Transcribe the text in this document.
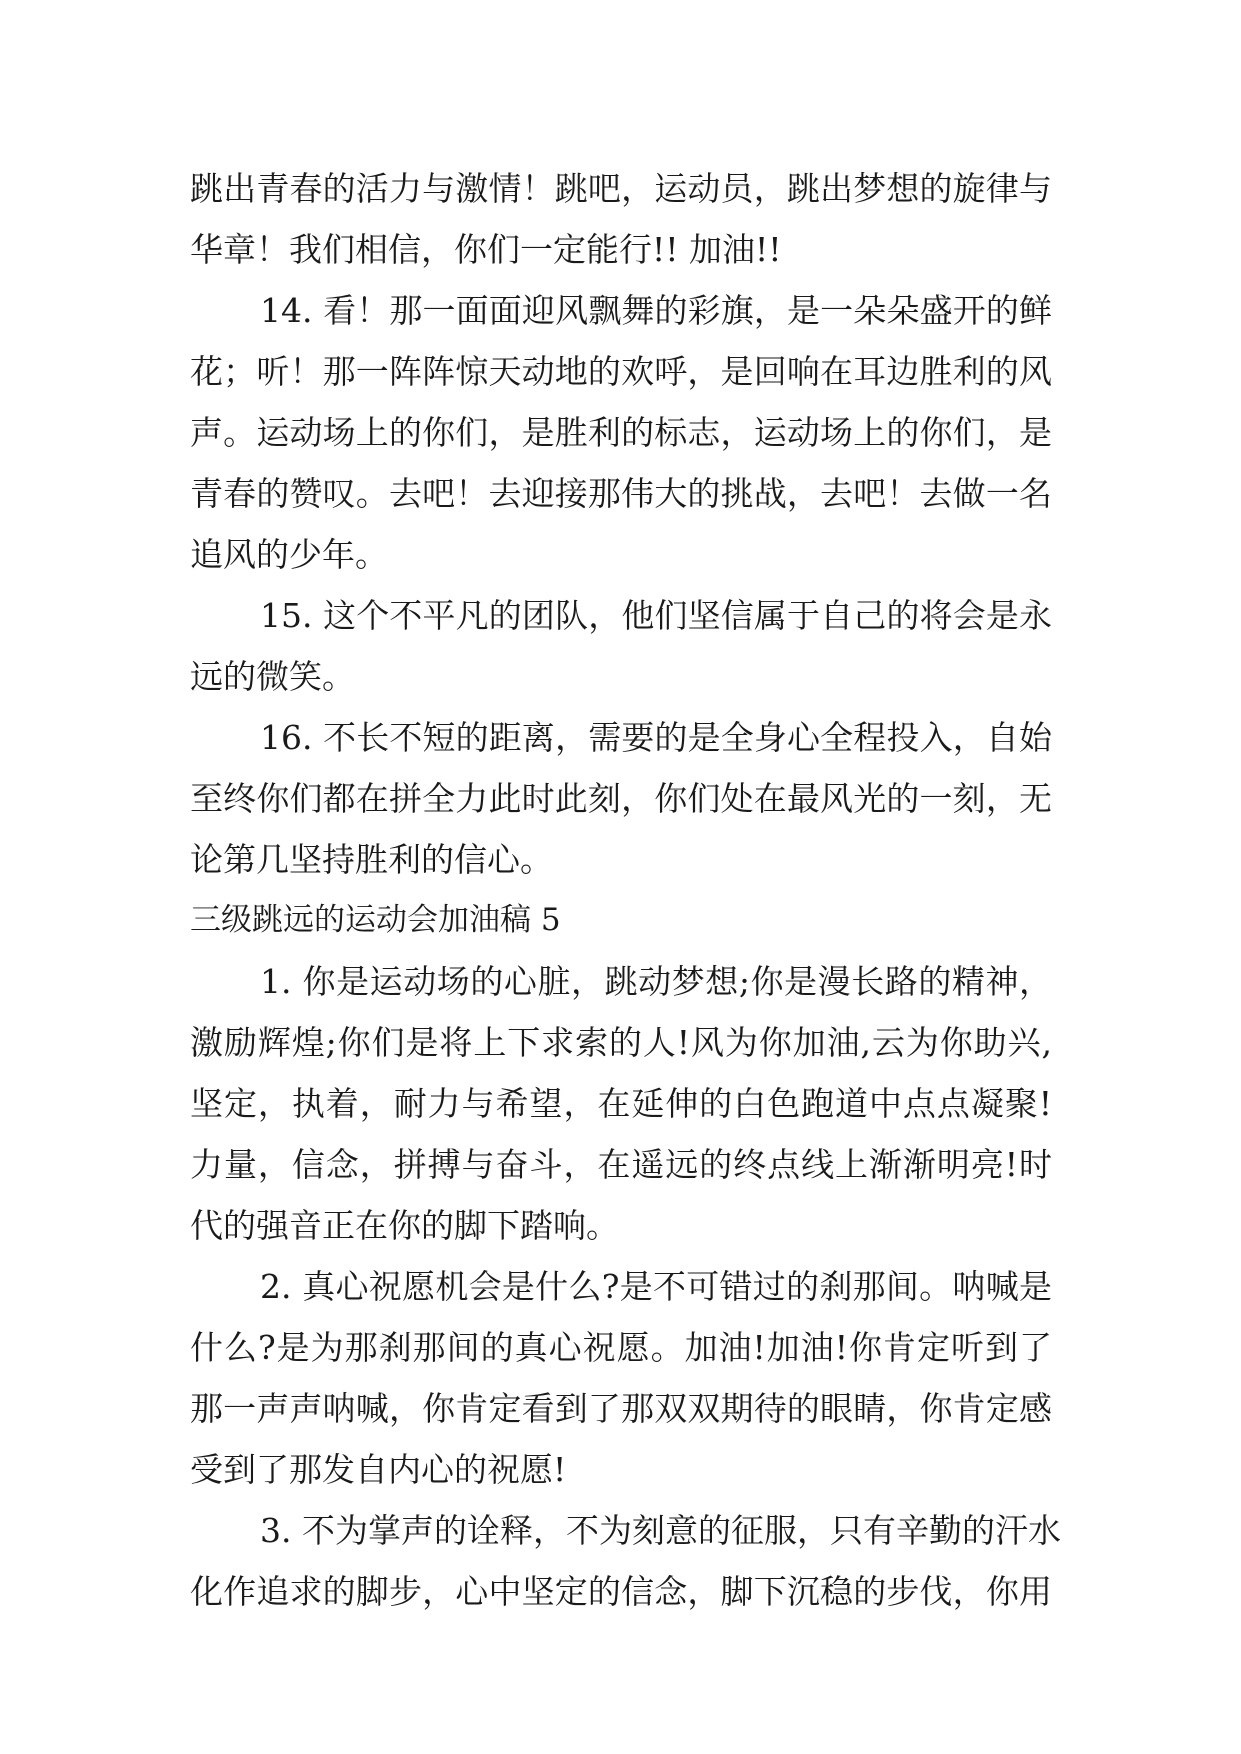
跳出青春的活力与激情！跳吧，运动员，跳出梦想的旋律与
华章！我们相信，你们一定能行!! 加油!!
14. 看！那一面面迎风飘舞的彩旗，是一朵朵盛开的鲜
花；听！那一阵阵惊天动地的欢呼，是回响在耳边胜利的风
声。运动场上的你们，是胜利的标志，运动场上的你们，是
青春的赞叹。去吧！去迎接那伟大的挑战，去吧！去做一名
追风的少年。
15. 这个不平凡的团队，他们坚信属于自己的将会是永
远的微笑。
16. 不长不短的距离，需要的是全身心全程投入，自始
至终你们都在拼全力此时此刻，你们处在最风光的一刻，无
论第几坚持胜利的信心。
三级跳远的运动会加油稿 5
1. 你是运动场的心脏，跳动梦想;你是漫长路的精神，
激励辉煌;你们是将上下求索的人!风为你加油,云为你助兴,
坚定，执着，耐力与希望，在延伸的白色跑道中点点凝聚!
力量，信念，拼搏与奋斗，在遥远的终点线上渐渐明亮!时
代的强音正在你的脚下踏响。
2. 真心祝愿机会是什么?是不可错过的刹那间。呐喊是
什么?是为那刹那间的真心祝愿。加油!加油!你肯定听到了
那一声声呐喊，你肯定看到了那双双期待的眼睛，你肯定感
受到了那发自内心的祝愿!
3. 不为掌声的诠释，不为刻意的征服，只有辛勤的汗水
化作追求的脚步，心中坚定的信念，脚下沉稳的步伐，你用
